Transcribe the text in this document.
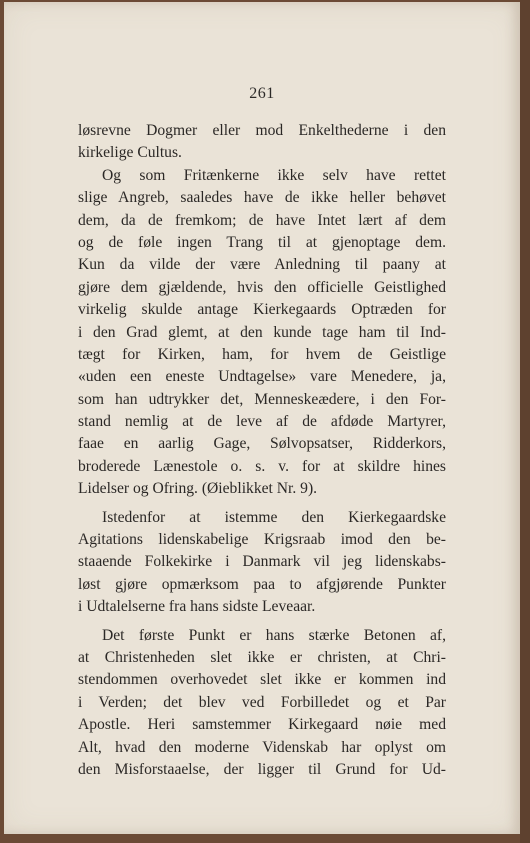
261
løsrevne Dogmer eller mod Enkelthederne i den
kirkelige Cultus.
Og som Fritænkerne ikke selv have rettet
slige Angreb, saaledes have de ikke heller behøvet
dem, da de fremkom; de have Intet lært af dem
og de føle ingen Trang til at gjenoptage dem.
Kun da vilde der være Anledning til paany at
gjøre dem gjældende, hvis den officielle Geistlighed
virkelig skulde antage Kierkegaards Optræden for
i den Grad glemt, at den kunde tage ham til Ind-
tægt for Kirken, ham, for hvem de Geistlige
«uden een eneste Undtagelse» vare Menedere, ja,
som han udtrykker det, Menneskeædere, i den For-
stand nemlig at de leve af de afdøde Martyrer,
faae en aarlig Gage, Sølvopsatser, Ridderkors,
broderede Lænestole o. s. v. for at skildre hines
Lidelser og Ofring. (Øieblikket Nr. 9).
Istedenfor at istemme den Kierkegaardske
Agitations lidenskabelige Krigsraab imod den be-
staaende Folkekirke i Danmark vil jeg lidenskabs-
løst gjøre opmærksom paa to afgjørende Punkter
i Udtalelserne fra hans sidste Leveaar.
Det første Punkt er hans stærke Betonen af,
at Christenheden slet ikke er christen, at Chri-
stendommen overhovedet slet ikke er kommen ind
i Verden; det blev ved Forbilledet og et Par
Apostle. Heri samstemmer Kirkegaard nøie med
Alt, hvad den moderne Videnskab har oplyst om
den Misforstaaelse, der ligger til Grund for Ud-
